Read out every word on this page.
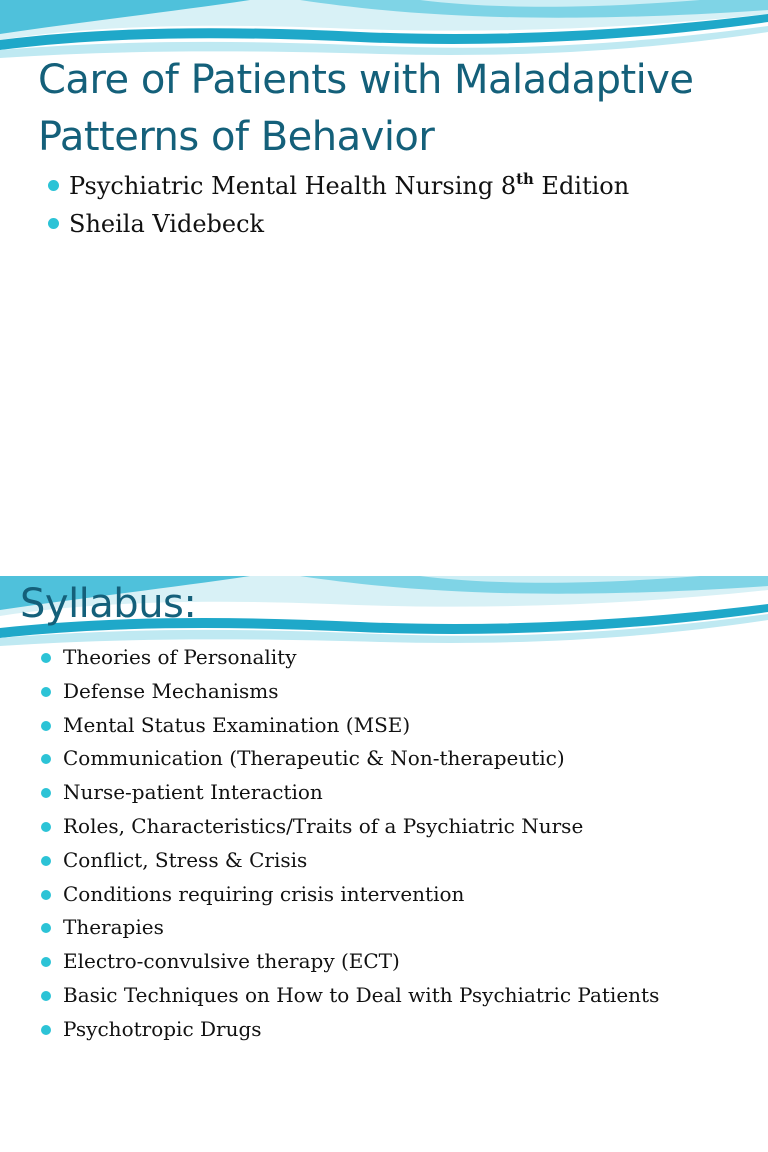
Care of Patients with Maladaptive
Patterns of Behavior
Psychiatric Mental Health Nursing 8th Edition
Sheila Videbeck
Syllabus:
Theories of Personality
Defense Mechanisms
Mental Status Examination (MSE)
Communication (Therapeutic & Non-therapeutic)
Nurse-patient Interaction
Roles, Characteristics/Traits of a Psychiatric Nurse
Conflict, Stress & Crisis
Conditions requiring crisis intervention
Therapies
Electro-convulsive therapy (ECT)
Basic Techniques on How to Deal with Psychiatric Patients
Psychotropic Drugs
